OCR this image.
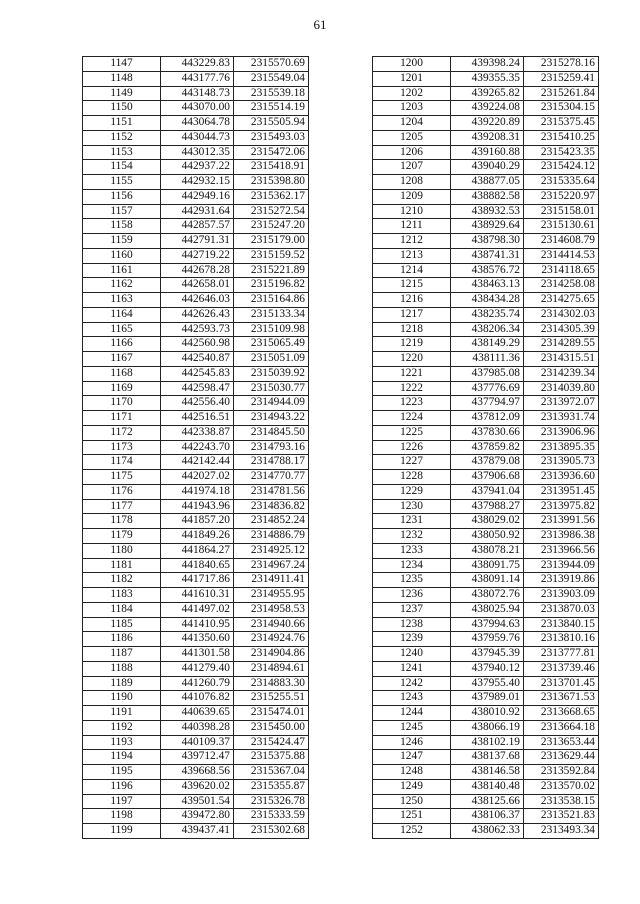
61
1147	443229.83	2315570.69
1148	443177.76	2315549.04
1149	443148.73	2315539.18
1150	443070.00	2315514.19
1151	443064.78	2315505.94
1152	443044.73	2315493.03
1153	443012.35	2315472.06
1154	442937.22	2315418.91
1155	442932.15	2315398.80
1156	442949.16	2315362.17
1157	442931.64	2315272.54
1158	442857.57	2315247.20
1159	442791.31	2315179.00
1160	442719.22	2315159.52
1161	442678.28	2315221.89
1162	442658.01	2315196.82
1163	442646.03	2315164.86
1164	442626.43	2315133.34
1165	442593.73	2315109.98
1166	442560.98	2315065.49
1167	442540.87	2315051.09
1168	442545.83	2315039.92
1169	442598.47	2315030.77
1170	442556.40	2314944.09
1171	442516.51	2314943.22
1172	442338.87	2314845.50
1173	442243.70	2314793.16
1174	442142.44	2314788.17
1175	442027.02	2314770.77
1176	441974.18	2314781.56
1177	441943.96	2314836.82
1178	441857.20	2314852.24
1179	441849.26	2314886.79
1180	441864.27	2314925.12
1181	441840.65	2314967.24
1182	441717.86	2314911.41
1183	441610.31	2314955.95
1184	441497.02	2314958.53
1185	441410.95	2314940.66
1186	441350.60	2314924.76
1187	441301.58	2314904.86
1188	441279.40	2314894.61
1189	441260.79	2314883.30
1190	441076.82	2315255.51
1191	440639.65	2315474.01
1192	440398.28	2315450.00
1193	440109.37	2315424.47
1194	439712.47	2315375.88
1195	439668.56	2315367.04
1196	439620.02	2315355.87
1197	439501.54	2315326.78
1198	439472.80	2315333.59
1199	439437.41	2315302.68
1200	439398.24	2315278.16
1201	439355.35	2315259.41
1202	439265.82	2315261.84
1203	439224.08	2315304.15
1204	439220.89	2315375.45
1205	439208.31	2315410.25
1206	439160.88	2315423.35
1207	439040.29	2315424.12
1208	438877.05	2315335.64
1209	438882.58	2315220.97
1210	438932.53	2315158.01
1211	438929.64	2315130.61
1212	438798.30	2314608.79
1213	438741.31	2314414.53
1214	438576.72	2314118.65
1215	438463.13	2314258.08
1216	438434.28	2314275.65
1217	438235.74	2314302.03
1218	438206.34	2314305.39
1219	438149.29	2314289.55
1220	438111.36	2314315.51
1221	437985.08	2314239.34
1222	437776.69	2314039.80
1223	437794.97	2313972.07
1224	437812.09	2313931.74
1225	437830.66	2313906.96
1226	437859.82	2313895.35
1227	437879.08	2313905.73
1228	437906.68	2313936.60
1229	437941.04	2313951.45
1230	437988.27	2313975.82
1231	438029.02	2313991.56
1232	438050.92	2313986.38
1233	438078.21	2313966.56
1234	438091.75	2313944.09
1235	438091.14	2313919.86
1236	438072.76	2313903.09
1237	438025.94	2313870.03
1238	437994.63	2313840.15
1239	437959.76	2313810.16
1240	437945.39	2313777.81
1241	437940.12	2313739.46
1242	437955.40	2313701.45
1243	437989.01	2313671.53
1244	438010.92	2313668.65
1245	438066.19	2313664.18
1246	438102.19	2313653.44
1247	438137.68	2313629.44
1248	438146.58	2313592.84
1249	438140.48	2313570.02
1250	438125.66	2313538.15
1251	438106.37	2313521.83
1252	438062.33	2313493.34
